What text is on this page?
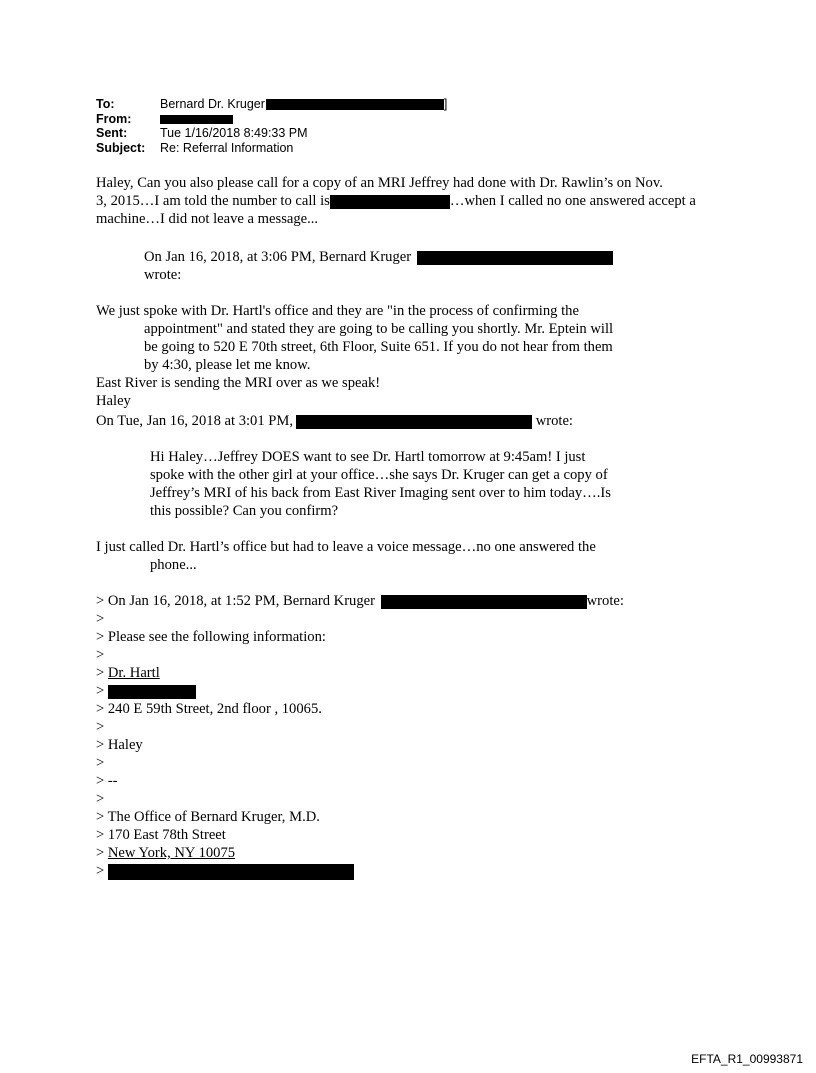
To:	Bernard Dr. Kruger	]
From:
Sent:	Tue 1/16/2018 8:49:33 PM
Subject:	Re: Referral Information
Haley, Can you also please call for a copy of an MRI Jeffrey had done with Dr. Rawlin’s on Nov.
3, 2015…I am told the number to call is	…when I called no one answered accept a
machine…I did not leave a message...
On Jan 16, 2018, at 3:06 PM, Bernard Kruger
wrote:
We just spoke with Dr. Hartl's office and they are "in the process of confirming the
appointment" and stated they are going to be calling you shortly. Mr. Eptein will
be going to 520 E 70th street, 6th Floor, Suite 651. If you do not hear from them
by 4:30, please let me know.
East River is sending the MRI over as we speak!
Haley
On Tue, Jan 16, 2018 at 3:01 PM,	wrote:
Hi Haley…Jeffrey DOES want to see Dr. Hartl tomorrow at 9:45am! I just
spoke with the other girl at your office…she says Dr. Kruger can get a copy of
Jeffrey’s MRI of his back from East River Imaging sent over to him today….Is
this possible? Can you confirm?
I just called Dr. Hartl’s office but had to leave a voice message…no one answered the
phone...
> On Jan 16, 2018, at 1:52 PM, Bernard Kruger	wrote:
>
> Please see the following information:
>
> Dr. Hartl
>
> 240 E 59th Street, 2nd floor , 10065.
>
> Haley
>
> --
>
> The Office of Bernard Kruger, M.D.
> 170 East 78th Street
> New York, NY 10075
>
EFTA_R1_00993871
